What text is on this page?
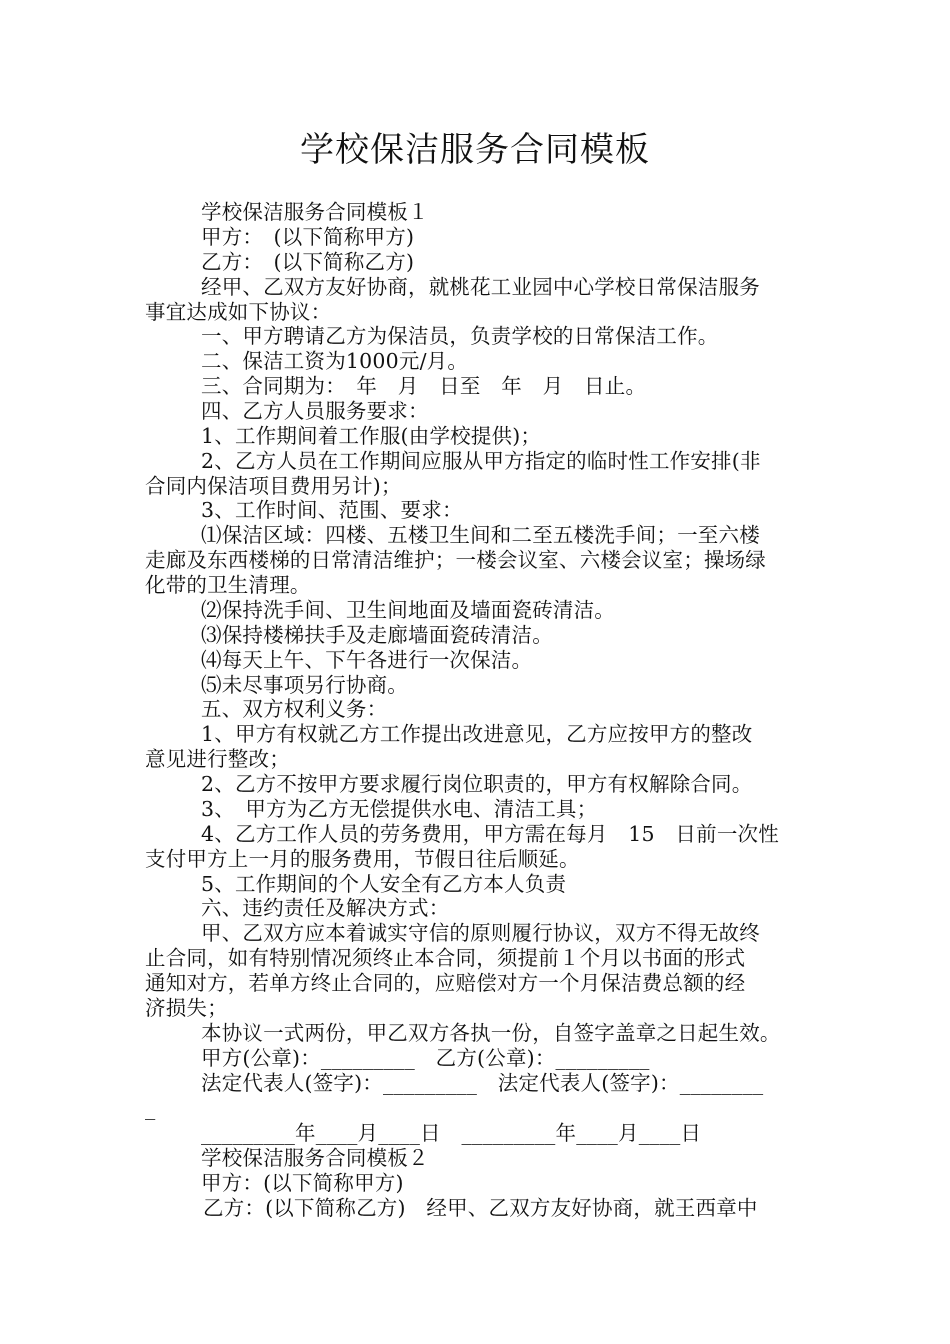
学校保洁服务合同模板
学校保洁服务合同模板１
甲方：　(以下简称甲方)
乙方：　(以下简称乙方)
经甲、乙双方友好协商，就桃花工业园中心学校日常保洁服务
事宜达成如下协议：
一、甲方聘请乙方为保洁员，负责学校的日常保洁工作。
二、保洁工资为1000元/月。
三、合同期为：　年　月　日至　年　月　日止。
四、乙方人员服务要求：
1、工作期间着工作服(由学校提供)；
2、乙方人员在工作期间应服从甲方指定的临时性工作安排(非
合同内保洁项目费用另计)；
3、工作时间、范围、要求：
⑴保洁区域：四楼、五楼卫生间和二至五楼洗手间；一至六楼
走廊及东西楼梯的日常清洁维护；一楼会议室、六楼会议室；操场绿
化带的卫生清理。
⑵保持洗手间、卫生间地面及墙面瓷砖清洁。
⑶保持楼梯扶手及走廊墙面瓷砖清洁。
⑷每天上午、下午各进行一次保洁。
⑸未尽事项另行协商。
五、双方权利义务：
1、甲方有权就乙方工作提出改进意见，乙方应按甲方的整改
意见进行整改；
2、乙方不按甲方要求履行岗位职责的，甲方有权解除合同。
3、　甲方为乙方无偿提供水电、清洁工具；
4、乙方工作人员的劳务费用，甲方需在每月　15　日前一次性
支付甲方上一月的服务费用，节假日往后顺延。
5、工作期间的个人安全有乙方本人负责
六、违约责任及解决方式：
甲、乙双方应本着诚实守信的原则履行协议，双方不得无故终
止合同，如有特别情况须终止本合同，须提前１个月以书面的形式
通知对方，若单方终止合同的，应赔偿对方一个月保洁费总额的经
济损失；
本协议一式两份，甲乙双方各执一份，自签字盖章之日起生效。
甲方(公章)：_________　乙方(公章)：_________
法定代表人(签字)：_________　法定代表人(签字)：________
_
_________年____月____日　_________年____月____日
学校保洁服务合同模板２
甲方：(以下简称甲方)
乙方：(以下简称乙方)　经甲、乙双方友好协商，就王西章中
